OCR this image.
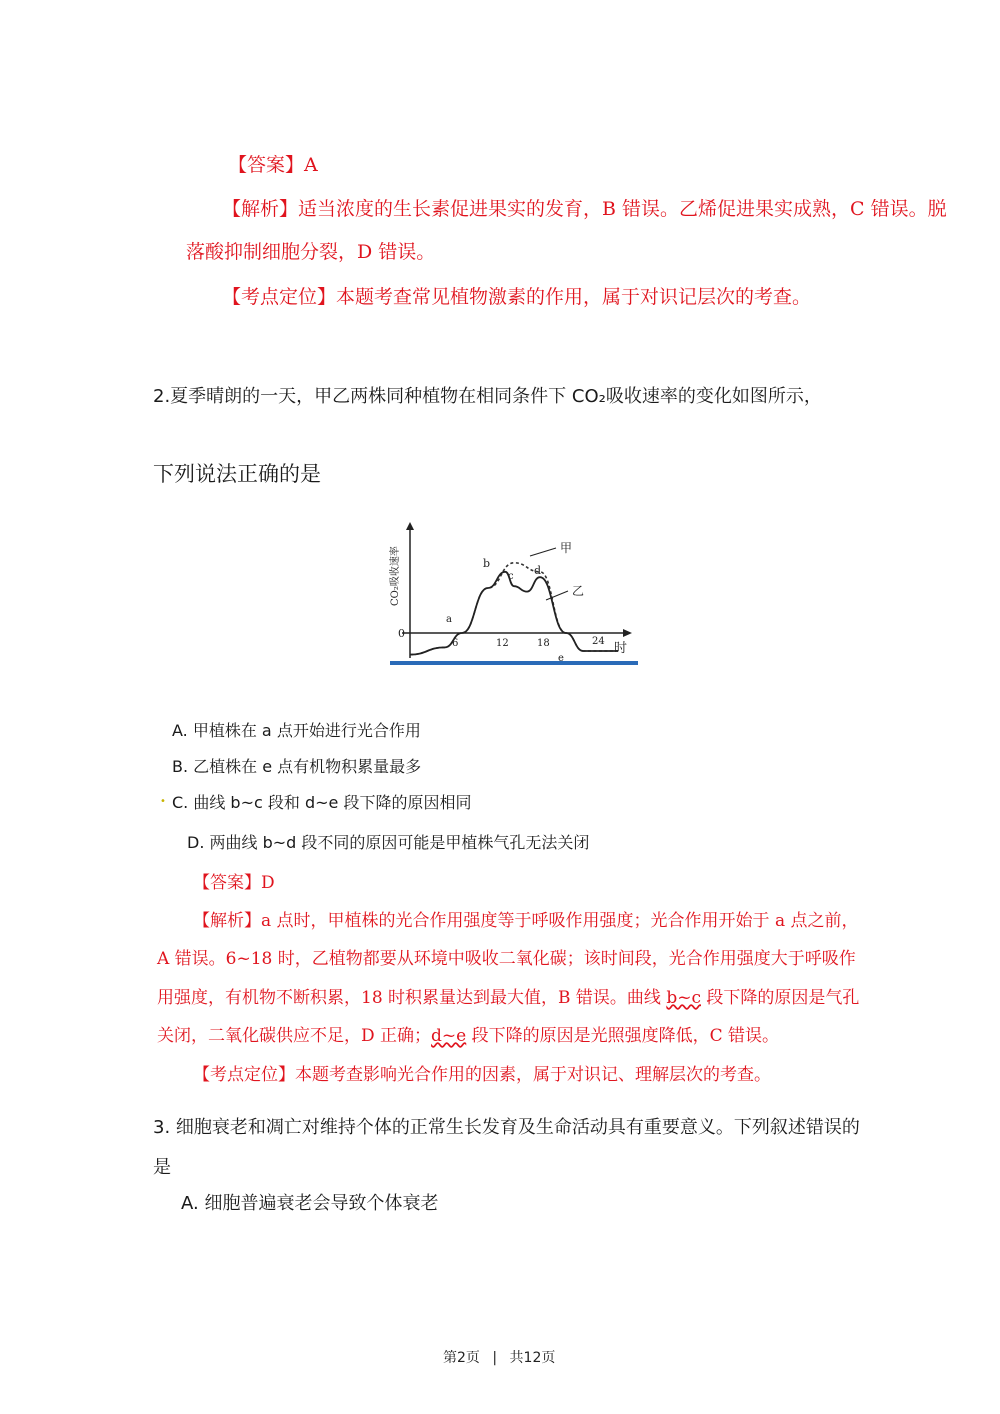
【答案】A
【解析】适当浓度的生长素促进果实的发育，B 错误。乙烯促进果实成熟，C 错误。脱
落酸抑制细胞分裂，D 错误。
【考点定位】本题考查常见植物激素的作用，属于对识记层次的考查。
2.夏季晴朗的一天，甲乙两株同种植物在相同条件下 CO₂吸收速率的变化如图所示，
下列说法正确的是
CO₂吸收速率
时
0
6	12	18	24
a
b
c d
e
甲
乙
A. 甲植株在 a 点开始进行光合作用
B. 乙植株在 e 点有机物积累量最多
• C. 曲线 b~c 段和 d~e 段下降的原因相同
D. 两曲线 b~d 段不同的原因可能是甲植株气孔无法关闭
【答案】D
【解析】a 点时，甲植株的光合作用强度等于呼吸作用强度；光合作用开始于 a 点之前，
A 错误。6~18 时，乙植物都要从环境中吸收二氧化碳；该时间段，光合作用强度大于呼吸作
用强度，有机物不断积累，18 时积累量达到最大值，B 错误。曲线 b~c 段下降的原因是气孔
关闭，二氧化碳供应不足，D 正确；d~e 段下降的原因是光照强度降低，C 错误。
【考点定位】本题考查影响光合作用的因素，属于对识记、理解层次的考查。
3. 细胞衰老和凋亡对维持个体的正常生长发育及生命活动具有重要意义。下列叙述错误的
是
A. 细胞普遍衰老会导致个体衰老
第2页 | 共12页
